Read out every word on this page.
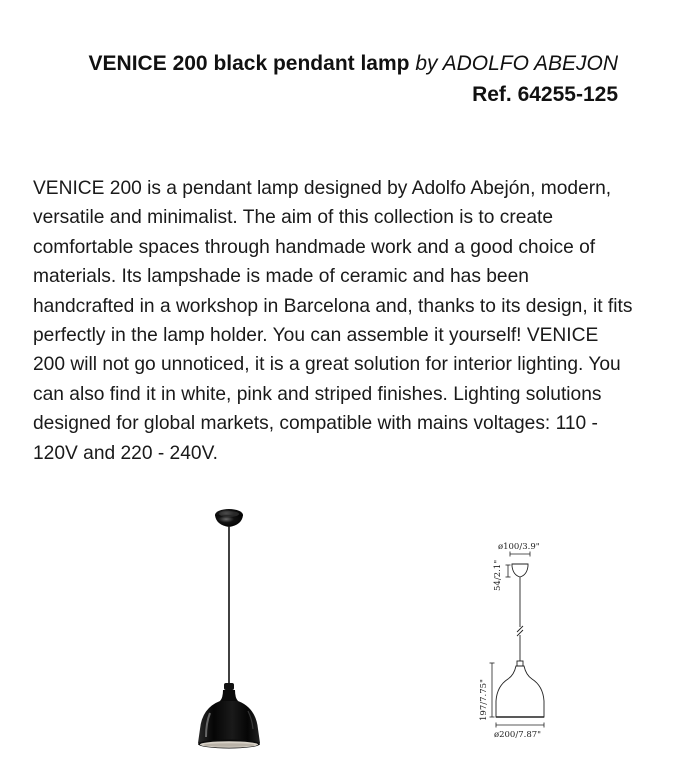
VENICE 200 black pendant lamp by ADOLFO ABEJON
Ref. 64255-125

VENICE 200 is a pendant lamp designed by Adolfo Abejón, modern, versatile and minimalist. The aim of this collection is to create comfortable spaces through handmade work and a good choice of materials. Its lampshade is made of ceramic and has been handcrafted in a workshop in Barcelona and, thanks to its design, it fits perfectly in the lamp holder. You can assemble it yourself! VENICE 200 will not go unnoticed, it is a great solution for interior lighting. You can also find it in white, pink and striped finishes. Lighting solutions designed for global markets, compatible with mains voltages: 110 - 120V and 220 - 240V.

ø100/3.9"
54/2.1"
197/7.75"
ø200/7.87"
